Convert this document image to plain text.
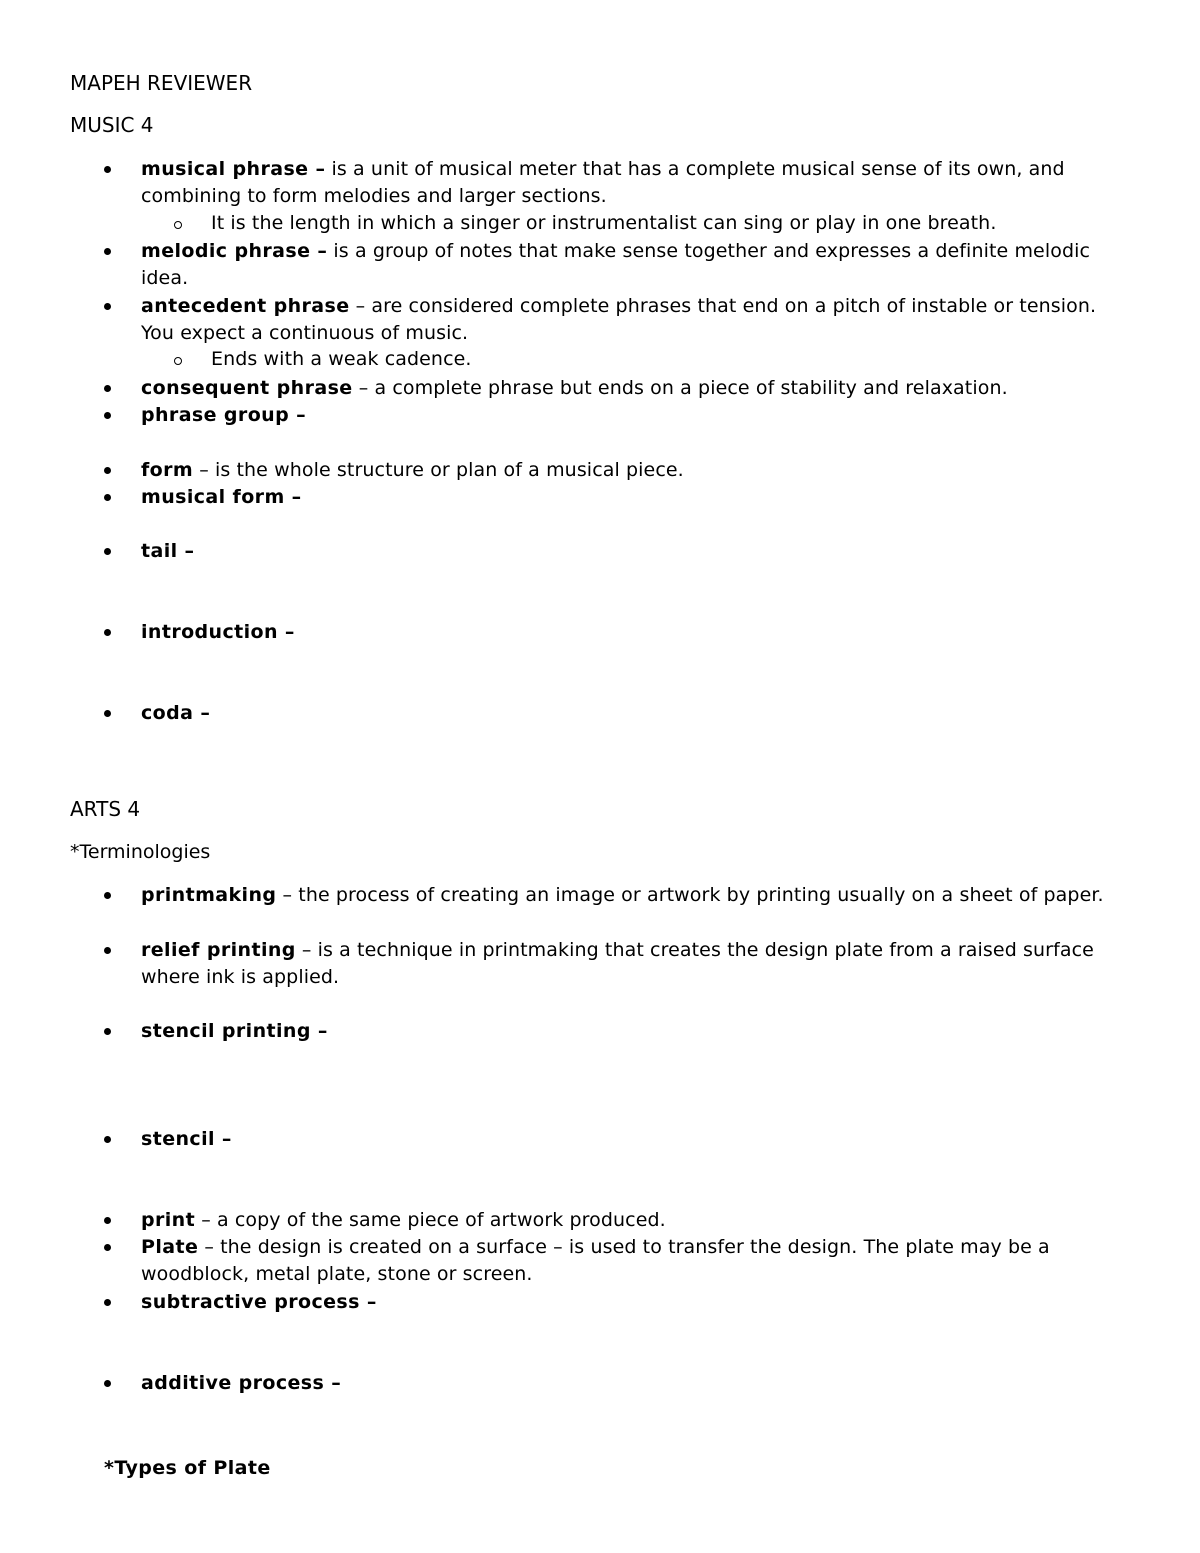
MAPEH REVIEWER
MUSIC 4
musical phrase – is a unit of musical meter that has a complete musical sense of its own, and combining to form melodies and larger sections.
It is the length in which a singer or instrumentalist can sing or play in one breath.
melodic phrase – is a group of notes that make sense together and expresses a definite melodic idea.
antecedent phrase – are considered complete phrases that end on a pitch of instable or tension. You expect a continuous of music.
Ends with a weak cadence.
consequent phrase – a complete phrase but ends on a piece of stability and relaxation.
phrase group –
form – is the whole structure or plan of a musical piece.
musical form –
tail –
introduction –
coda –
ARTS 4
*Terminologies
printmaking – the process of creating an image or artwork by printing usually on a sheet of paper.
relief printing – is a technique in printmaking that creates the design plate from a raised surface where ink is applied.
stencil printing –
stencil –
print – a copy of the same piece of artwork produced.
Plate – the design is created on a surface – is used to transfer the design. The plate may be a woodblock, metal plate, stone or screen.
subtractive process –
additive process –
*Types of Plate
